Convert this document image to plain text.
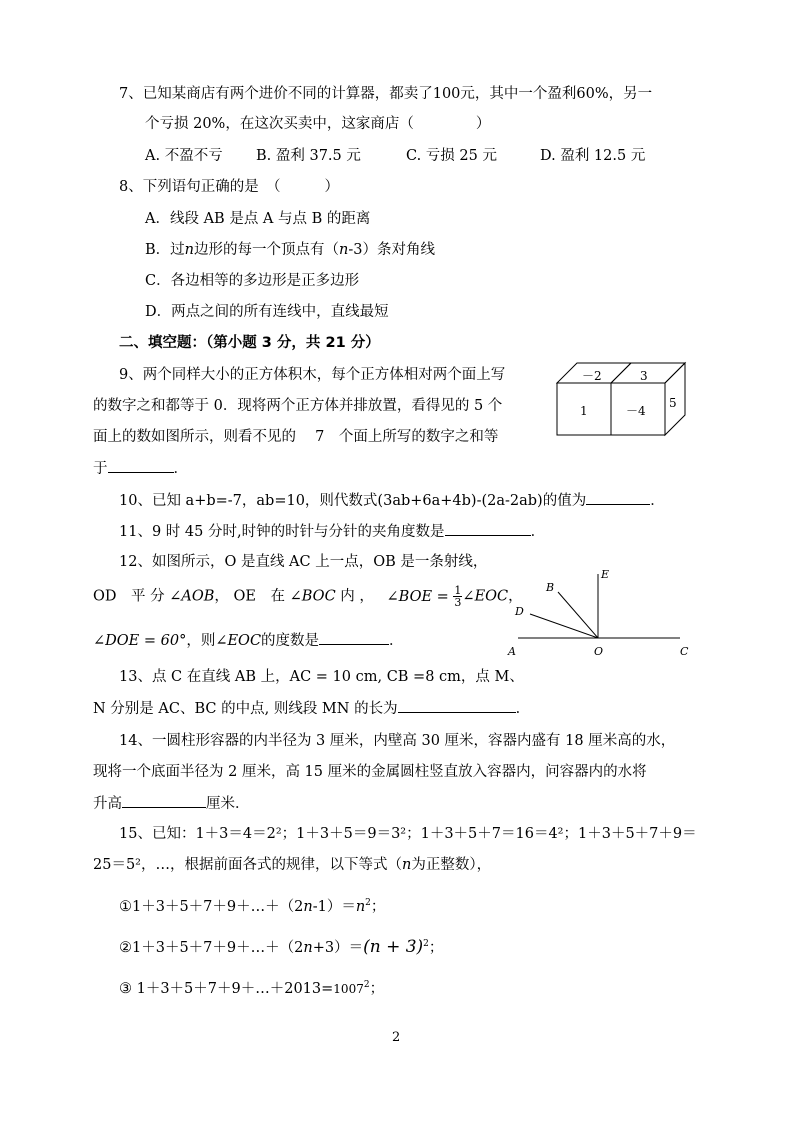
7、已知某商店有两个进价不同的计算器，都卖了100元，其中一个盈利60%，另一
个亏损 20%，在这次买卖中，这家商店（	）
A. 不盈不亏 B. 盈利 37.5 元	C. 亏损 25 元	D. 盈利 12.5 元
8、下列语句正确的是　（	）
A．线段 AB 是点 A 与点 B 的距离
B．过n边形的每一个顶点有（n-3）条对角线
C．各边相等的多边形是正多边形
D．两点之间的所有连线中，直线最短
二、填空题：（第小题 3 分，共 21 分）
9、两个同样大小的正方体积木，每个正方体相对两个面上写
的数字之和都等于 0．现将两个正方体并排放置，看得见的 5 个
面上的数如图所示，则看不见的　 7　个面上所写的数字之和等
于	．
－2	3
1	－4
5
10、已知 a+b=-7，ab=10，则代数式(3ab+6a+4b)-(2a-2ab)的值为	．
11、9 时 45 分时,时钟的时针与分针的夹角度数是	．
12、如图所示，O 是直线 AC 上一点，OB 是一条射线，
OD　平 分 ∠AOB， OE　在 ∠BOC 内 ， ∠BOE = $\frac{1}{3}$ ∠EOC，
∠DOE = 60°，则∠EOC的度数是	．
A	O	C
B
D
E
13、点 C 在直线 AB 上，AC = 10 cm, CB =8 cm，点 M、
N 分别是 AC、BC 的中点, 则线段 MN 的长为	．
14、一圆柱形容器的内半径为 3 厘米，内壁高 30 厘米，容器内盛有 18 厘米高的水，
现将一个底面半径为 2 厘米，高 15 厘米的金属圆柱竖直放入容器内，问容器内的水将
升高	厘米．
15、已知：1＋3＝4＝2²；1＋3＋5＝9＝3²；1＋3＋5＋7＝16＝4²；1＋3＋5＋7＋9＝
25＝5²，…，根据前面各式的规律，以下等式（n为正整数），
$①1+3+5+7+9+\dots+(2n-1)=n^2$；
②1＋3＋5＋7＋9＋…＋（2n+3）＝(n + 3)$^2$；
③ $1+3+5+7+9+\dots+2013=1007^2$；
2
